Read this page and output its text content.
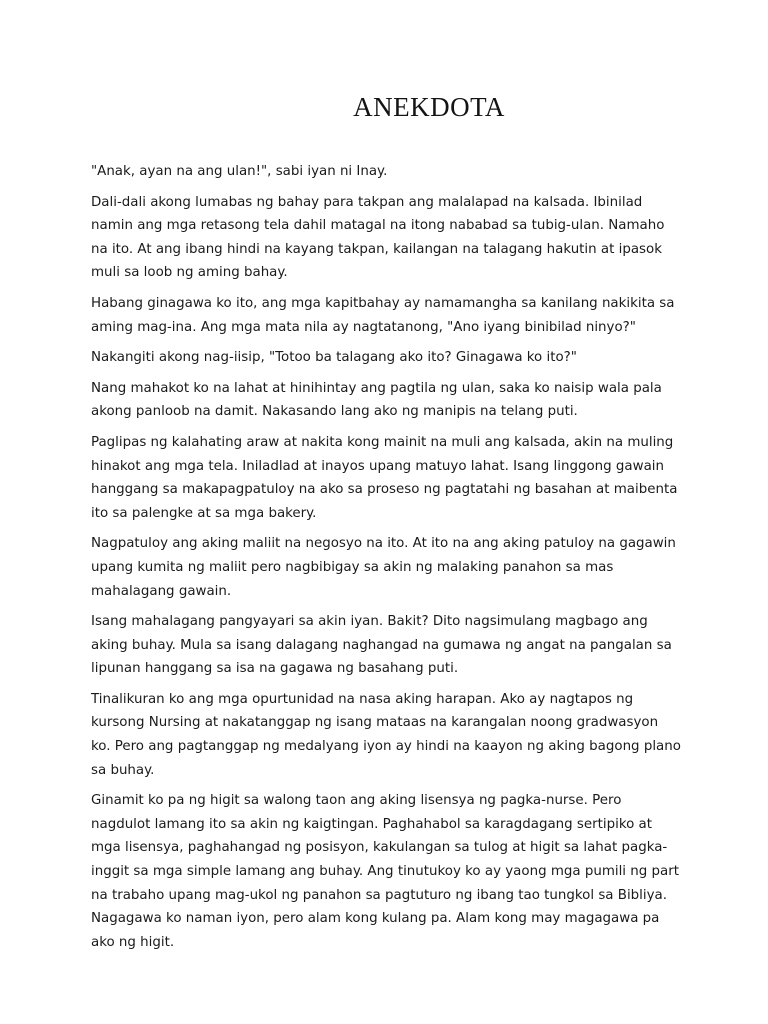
ANEKDOTA

"Anak, ayan na ang ulan!", sabi iyan ni Inay.

Dali-dali akong lumabas ng bahay para takpan ang malalapad na kalsada. Ibinilad namin ang mga retasong tela dahil matagal na itong nababad sa tubig-ulan. Namaho na ito. At ang ibang hindi na kayang takpan, kailangan na talagang hakutin at ipasok muli sa loob ng aming bahay.

Habang ginagawa ko ito, ang mga kapitbahay ay namamangha sa kanilang nakikita sa aming mag-ina. Ang mga mata nila ay nagtatanong, "Ano iyang binibilad ninyo?"

Nakangiti akong nag-iisip, "Totoo ba talagang ako ito? Ginagawa ko ito?"

Nang mahakot ko na lahat at hinihintay ang pagtila ng ulan, saka ko naisip wala pala akong panloob na damit. Nakasando lang ako ng manipis na telang puti.

Paglipas ng kalahating araw at nakita kong mainit na muli ang kalsada, akin na muling hinakot ang mga tela. Iniladlad at inayos upang matuyo lahat. Isang linggong gawain hanggang sa makapagpatuloy na ako sa proseso ng pagtatahi ng basahan at maibenta ito sa palengke at sa mga bakery.

Nagpatuloy ang aking maliit na negosyo na ito. At ito na ang aking patuloy na gagawin upang kumita ng maliit pero nagbibigay sa akin ng malaking panahon sa mas mahalagang gawain.

Isang mahalagang pangyayari sa akin iyan. Bakit? Dito nagsimulang magbago ang aking buhay. Mula sa isang dalagang naghangad na gumawa ng angat na pangalan sa lipunan hanggang sa isa na gagawa ng basahang puti.

Tinalikuran ko ang mga opurtunidad na nasa aking harapan. Ako ay nagtapos ng kursong Nursing at nakatanggap ng isang mataas na karangalan noong gradwasyon ko. Pero ang pagtanggap ng medalyang iyon ay hindi na kaayon ng aking bagong plano sa buhay.

Ginamit ko pa ng higit sa walong taon ang aking lisensya ng pagka-nurse. Pero nagdulot lamang ito sa akin ng kaigtingan. Paghahabol sa karagdagang sertipiko at mga lisensya, paghahangad ng posisyon, kakulangan sa tulog at higit sa lahat pagka-inggit sa mga simple lamang ang buhay. Ang tinutukoy ko ay yaong mga pumili ng part na trabaho upang mag-ukol ng panahon sa pagtuturo ng ibang tao tungkol sa Bibliya. Nagagawa ko naman iyon, pero alam kong kulang pa. Alam kong may magagawa pa ako ng higit.
